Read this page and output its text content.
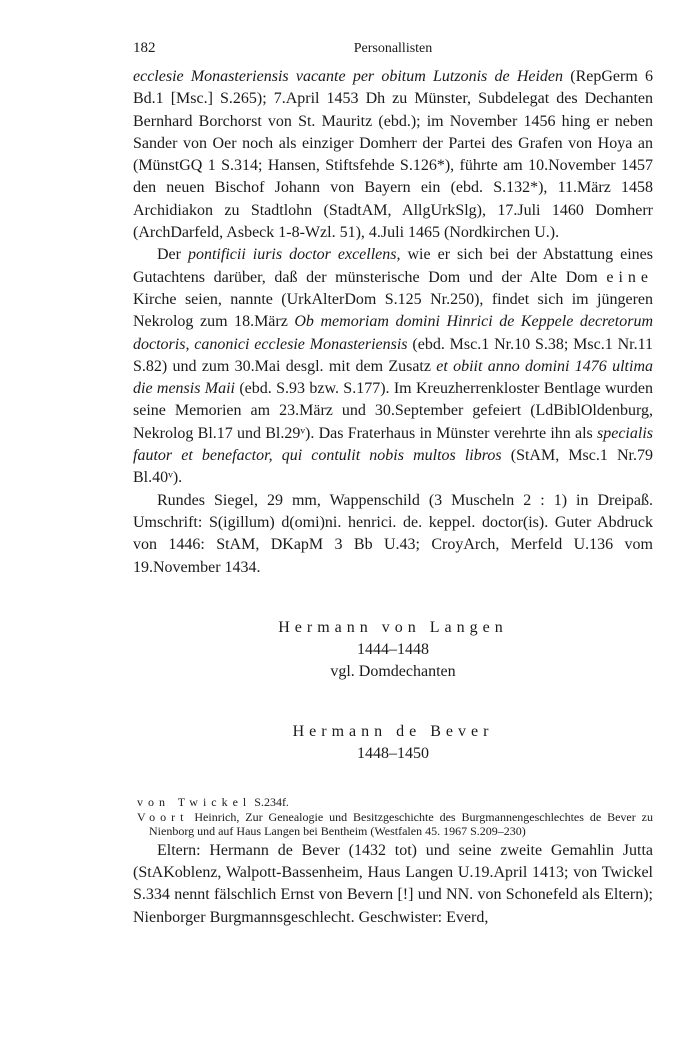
182	Personallisten

ecclesie Monasteriensis vacante per obitum Lutzonis de Heiden (RepGerm 6 Bd.1 [Msc.] S.265); 7.April 1453 Dh zu Münster, Subdelegat des Dechanten Bernhard Borchorst von St. Mauritz (ebd.); im November 1456 hing er neben Sander von Oer noch als einziger Domherr der Partei des Grafen von Hoya an (MünstGQ 1 S.314; Hansen, Stiftsfehde S.126*), führte am 10.November 1457 den neuen Bischof Johann von Bayern ein (ebd. S.132*), 11.März 1458 Archidiakon zu Stadtlohn (StadtAM, AllgUrkSlg), 17.Juli 1460 Domherr (ArchDarfeld, Asbeck 1-8-Wzl. 51), 4.Juli 1465 (Nordkirchen U.).

Der pontificii iuris doctor excellens, wie er sich bei der Abstattung eines Gutachtens darüber, daß der münsterische Dom und der Alte Dom eine Kirche seien, nannte (UrkAlterDom S.125 Nr.250), findet sich im jüngeren Nekrolog zum 18.März Ob memoriam domini Hinrici de Keppele decretorum doctoris, canonici ecclesie Monasteriensis (ebd. Msc.1 Nr.10 S.38; Msc.1 Nr.11 S.82) und zum 30.Mai desgl. mit dem Zusatz et obiit anno domini 1476 ultima die mensis Maii (ebd. S.93 bzw. S.177). Im Kreuzherrenkloster Bentlage wurden seine Memorien am 23.März und 30.September gefeiert (LdBiblOldenburg, Nekrolog Bl.17 und Bl.29ᵛ). Das Fraterhaus in Münster verehrte ihn als specialis fautor et benefactor, qui contulit nobis multos libros (StAM, Msc.1 Nr.79 Bl.40ᵛ).

Rundes Siegel, 29 mm, Wappenschild (3 Muscheln 2 : 1) in Dreipaß. Umschrift: S(igillum) d(omi)ni. henrici. de. keppel. doctor(is). Guter Abdruck von 1446: StAM, DKapM 3 Bb U.43; CroyArch, Merfeld U.136 vom 19.November 1434.

Hermann von Langen
1444–1448
vgl. Domdechanten
Hermann de Bever
1448–1450
von Twickel S.234f.
Voort Heinrich, Zur Genealogie und Besitzgeschichte des Burgmannengeschlechtes de Bever zu Nienborg und auf Haus Langen bei Bentheim (Westfalen 45. 1967 S.209–230)

Eltern: Hermann de Bever (1432 tot) und seine zweite Gemahlin Jutta (StAKoblenz, Walpott-Bassenheim, Haus Langen U.19.April 1413; von Twickel S.334 nennt fälschlich Ernst von Bevern [!] und NN. von Schonefeld als Eltern); Nienborger Burgmannsgeschlecht. Geschwister: Everd,
